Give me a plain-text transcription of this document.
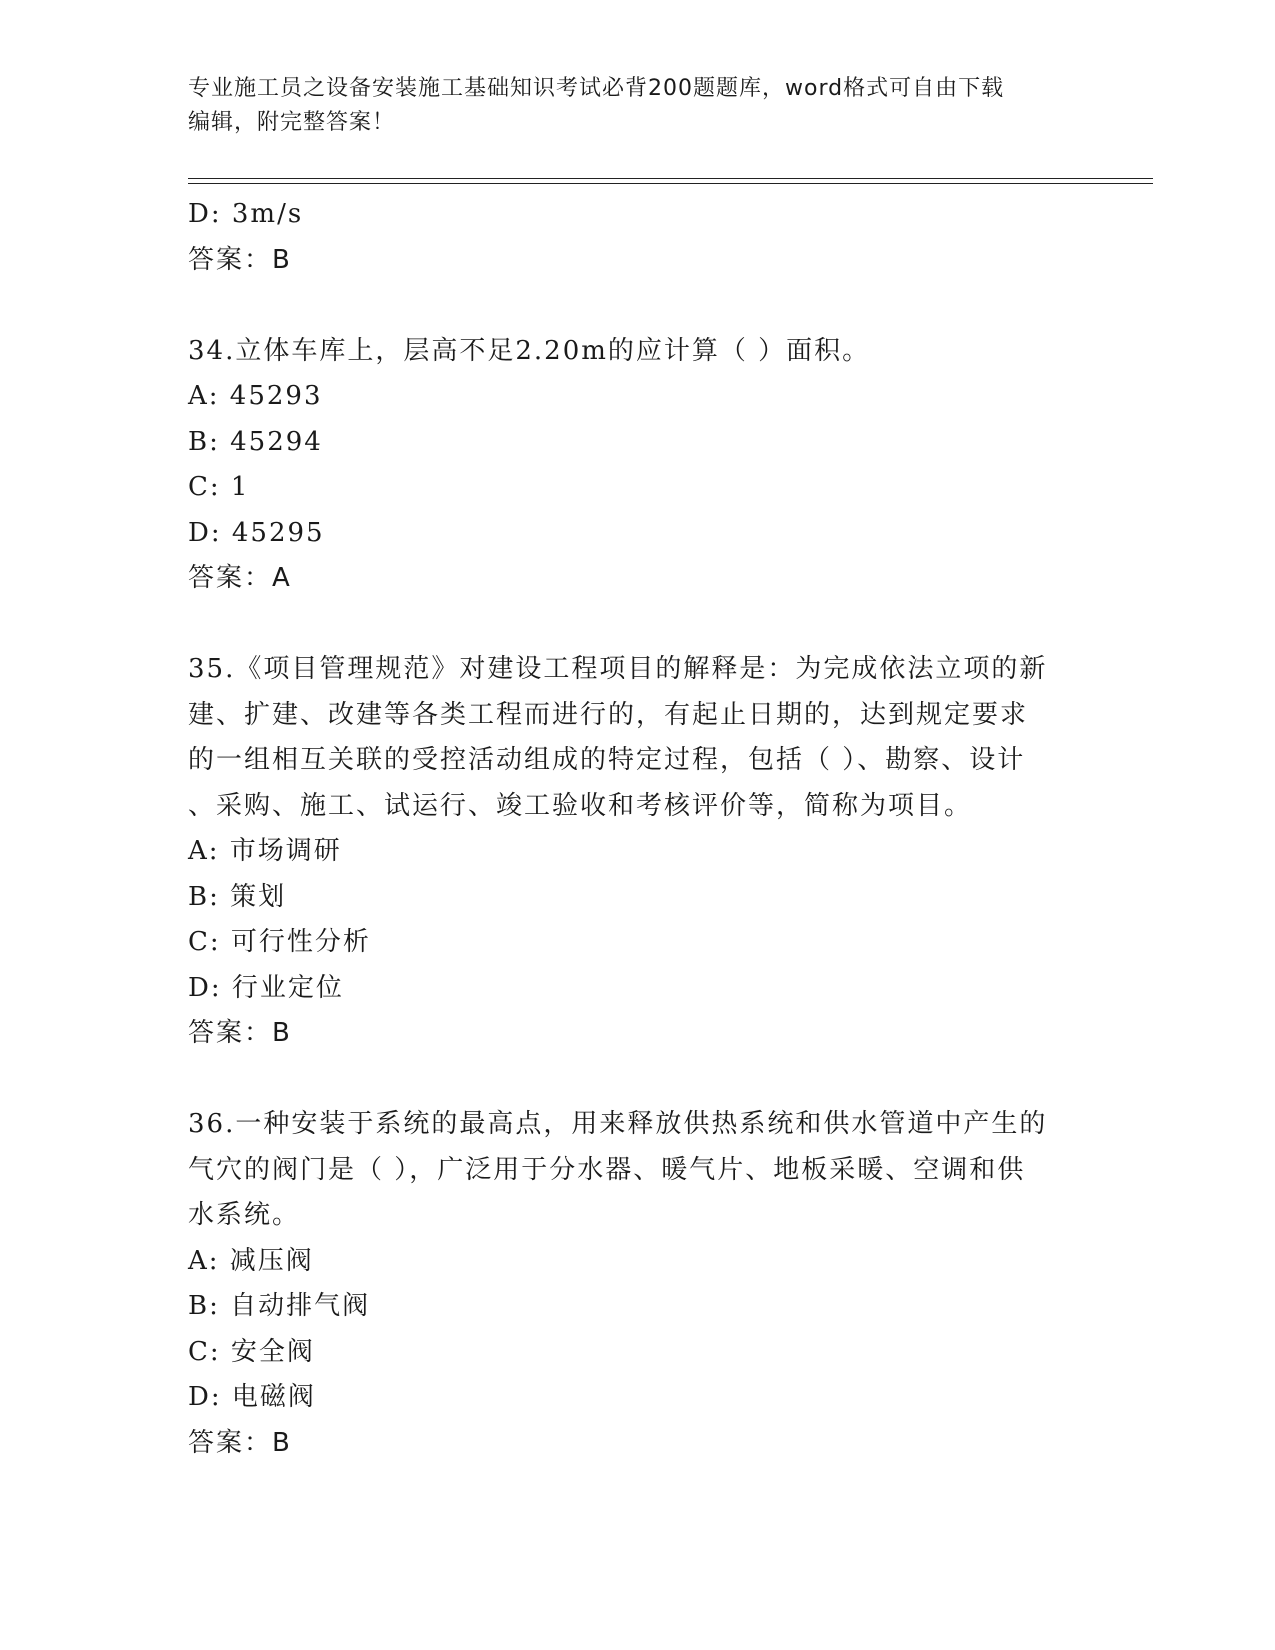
专业施工员之设备安装施工基础知识考试必背200题题库，word格式可自由下载
编辑，附完整答案！
D: 3m/s
答案：B
34.立体车库上，层高不足2.20m的应计算（ ）面积。
A: 45293
B: 45294
C: 1
D: 45295
答案：A
35.《项目管理规范》对建设工程项目的解释是：为完成依法立项的新
建、扩建、改建等各类工程而进行的，有起止日期的，达到规定要求
的一组相互关联的受控活动组成的特定过程，包括（ ）、勘察、设计
、采购、施工、试运行、竣工验收和考核评价等，简称为项目。
A: 市场调研
B: 策划
C: 可行性分析
D: 行业定位
答案：B
36.一种安装于系统的最高点，用来释放供热系统和供水管道中产生的
气穴的阀门是（ ），广泛用于分水器、暖气片、地板采暖、空调和供
水系统。
A: 减压阀
B: 自动排气阀
C: 安全阀
D: 电磁阀
答案：B
